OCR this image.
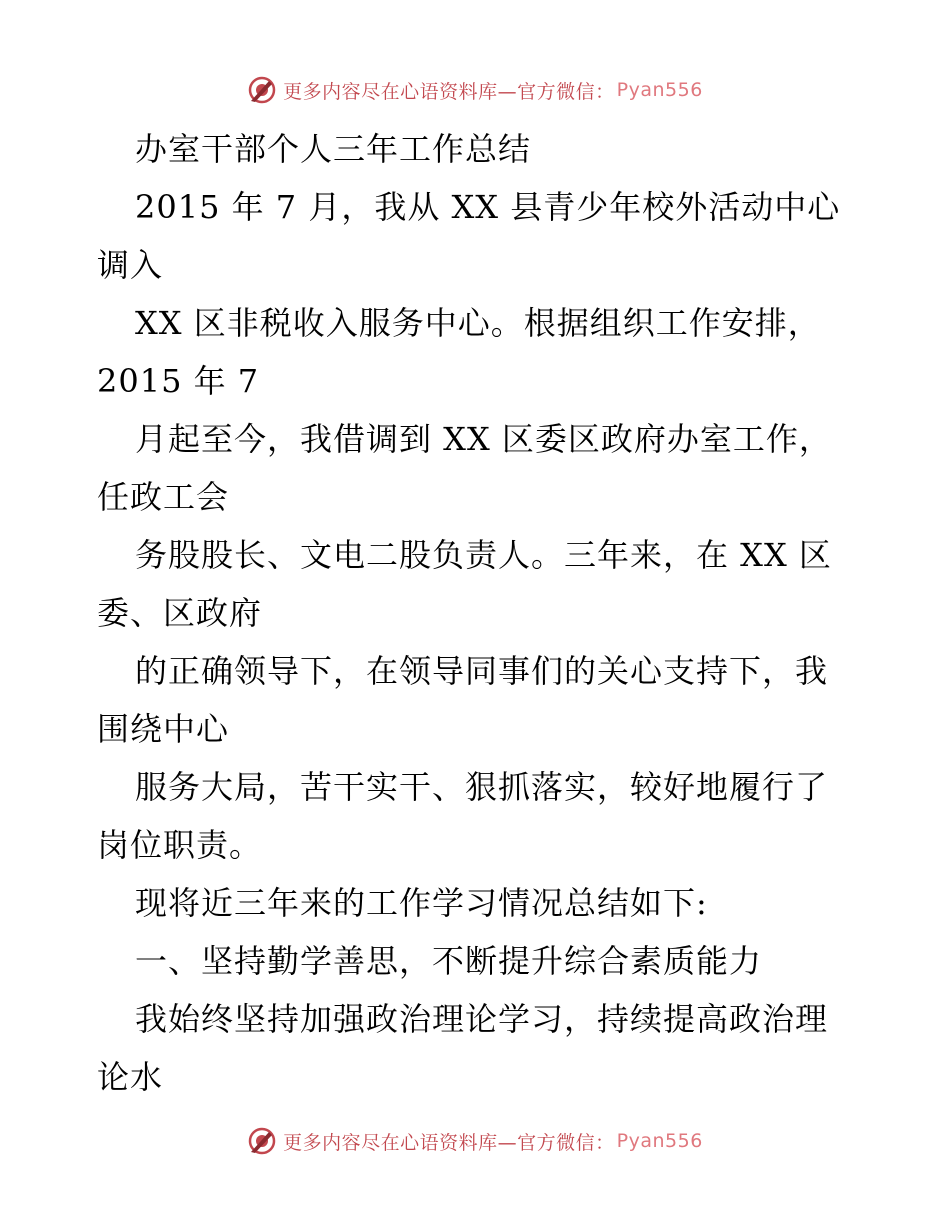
更多内容尽在心语资料库—官方微信： Pyan556
办室干部个人三年工作总结
2015 年 7 月，我从 XX 县青少年校外活动中心
调入
XX 区非税收入服务中心。根据组织工作安排，
2015 年 7
月起至今，我借调到 XX 区委区政府办室工作，
任政工会
务股股长、文电二股负责人。三年来，在 XX 区
委、区政府
的正确领导下，在领导同事们的关心支持下，我
围绕中心
服务大局，苦干实干、狠抓落实，较好地履行了
岗位职责。
现将近三年来的工作学习情况总结如下:
一、坚持勤学善思，不断提升综合素质能力
我始终坚持加强政治理论学习，持续提高政治理
论水
更多内容尽在心语资料库—官方微信： Pyan556
